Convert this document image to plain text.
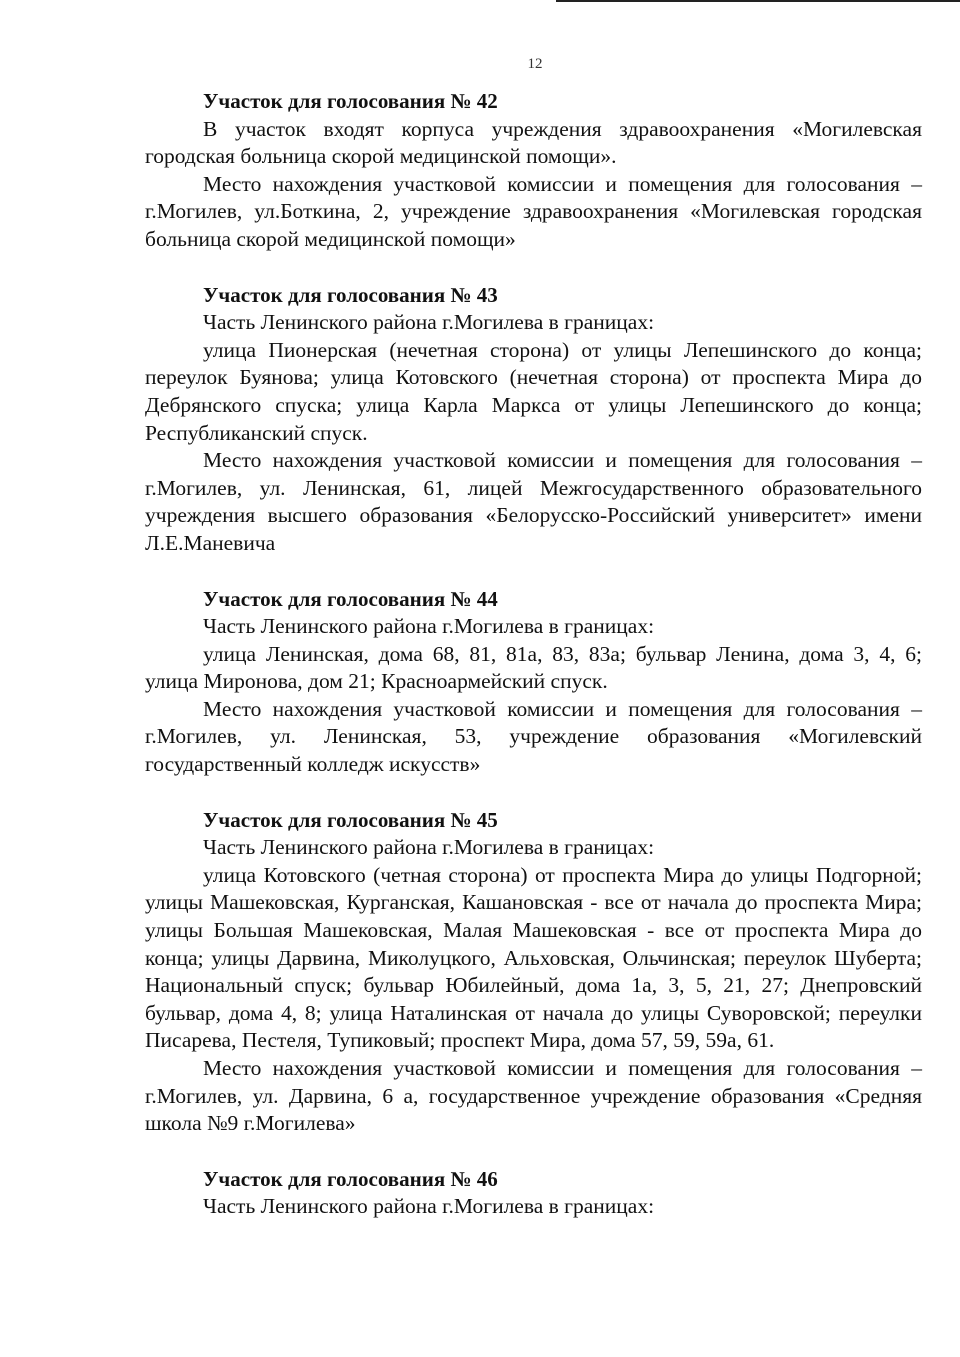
12
Участок для голосования № 42

В участок входят корпуса учреждения здравоохранения «Могилевская городская больница скорой медицинской помощи».

Место нахождения участковой комиссии и помещения для голосования – г.Могилев, ул.Боткина, 2, учреждение здравоохранения «Могилевская городская больница скорой медицинской помощи»

Участок для голосования № 43

Часть Ленинского района г.Могилева в границах:

улица Пионерская (нечетная сторона) от улицы Лепешинского до конца; переулок Буянова; улица Котовского (нечетная сторона) от проспекта Мира до Дебрянского спуска; улица Карла Маркса от улицы Лепешинского до конца; Республиканский спуск.

Место нахождения участковой комиссии и помещения для голосования – г.Могилев, ул. Ленинская, 61, лицей Межгосударственного образовательного учреждения высшего образования «Белорусско-Российский университет» имени Л.Е.Маневича

Участок для голосования № 44

Часть Ленинского района г.Могилева в границах:

улица Ленинская, дома 68, 81, 81а, 83, 83а; бульвар Ленина, дома 3, 4, 6; улица Миронова, дом 21; Красноармейский спуск.

Место нахождения участковой комиссии и помещения для голосования – г.Могилев, ул. Ленинская, 53, учреждение образования «Могилевский государственный колледж искусств»

Участок для голосования № 45

Часть Ленинского района г.Могилева в границах:

улица Котовского (четная сторона) от проспекта Мира до улицы Подгорной; улицы Машековская, Курганская, Кашановская - все от начала до проспекта Мира; улицы Большая Машековская, Малая Машековская - все от проспекта Мира до конца; улицы Дарвина, Миколуцкого, Альховская, Ольчинская; переулок Шуберта; Национальный спуск; бульвар Юбилейный, дома 1а, 3, 5, 21, 27; Днепровский бульвар, дома 4, 8; улица Наталинская от начала до улицы Суворовской; переулки Писарева, Пестеля, Тупиковый; проспект Мира, дома 57, 59, 59а, 61.

Место нахождения участковой комиссии и помещения для голосования – г.Могилев, ул. Дарвина, 6 а, государственное учреждение образования «Средняя школа №9 г.Могилева»

Участок для голосования № 46

Часть Ленинского района г.Могилева в границах:
